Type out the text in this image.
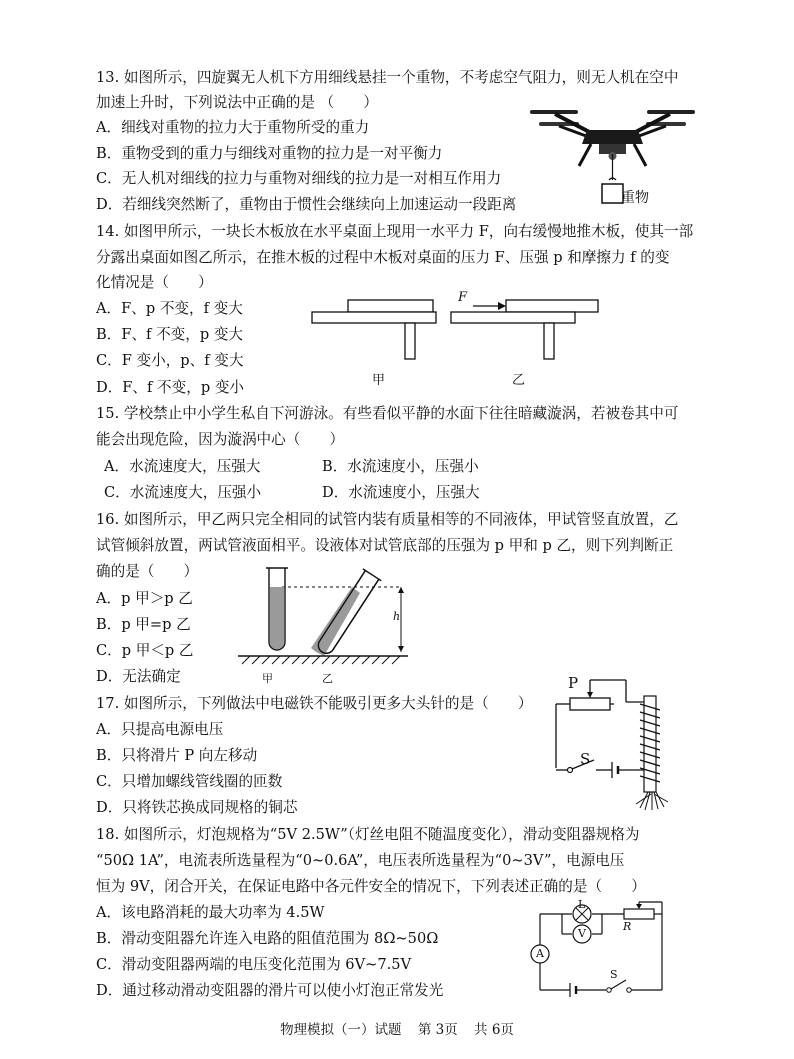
13. 如图所示，四旋翼无人机下方用细线悬挂一个重物，不考虑空气阻力，则无人机在空中
加速上升时，下列说法中正确的是 （　　）
A．细线对重物的拉力大于重物所受的重力
B．重物受到的重力与细线对重物的拉力是一对平衡力
C．无人机对细线的拉力与重物对细线的拉力是一对相互作用力
D．若细线突然断了，重物由于惯性会继续向上加速运动一段距离	重物
14. 如图甲所示，一块长木板放在水平桌面上现用一水平力 F，向右缓慢地推木板，使其一部
分露出桌面如图乙所示，在推木板的过程中木板对桌面的压力 F、压强 p 和摩擦力 f 的变
化情况是（　　）
A．F、p 不变，f 变大
B．F、f 不变，p 变大
C．F 变小，p、f 变大
D．F、f 不变，p 变小
F
甲	乙
15. 学校禁止中小学生私自下河游泳。有些看似平静的水面下往往暗藏漩涡，若被卷其中可
能会出现危险，因为漩涡中心（　　）
A．水流速度大，压强大	B．水流速度小，压强小
C．水流速度大，压强小	D．水流速度小，压强大
16. 如图所示，甲乙两只完全相同的试管内装有质量相等的不同液体，甲试管竖直放置，乙
试管倾斜放置，两试管液面相平。设液体对试管底部的压强为 p 甲和 p 乙，则下列判断正
确的是（　　）
A．p 甲＞p 乙
B．p 甲=p 乙
C．p 甲＜p 乙
D．无法确定
h
甲	乙
17. 如图所示，下列做法中电磁铁不能吸引更多大头针的是（　　）
A．只提高电源电压
B．只将滑片 P 向左移动
C．只增加螺线管线圈的匝数
D．只将铁芯换成同规格的铜芯
P
S
18. 如图所示，灯泡规格为“5V 2.5W”（灯丝电阻不随温度变化），滑动变阻器规格为
“50Ω 1A”，电流表所选量程为“0~0.6A”，电压表所选量程为“0~3V”，电源电压
恒为 9V，闭合开关，在保证电路中各元件安全的情况下，下列表述正确的是（　　）
A．该电路消耗的最大功率为 4.5W
B．滑动变阻器允许连入电路的阻值范围为 8Ω~50Ω
C．滑动变阻器两端的电压变化范围为 6V~7.5V
D．通过移动滑动变阻器的滑片可以使小灯泡正常发光
L
R
A
V
S
物理模拟（一）试题 第 3页 共 6页
